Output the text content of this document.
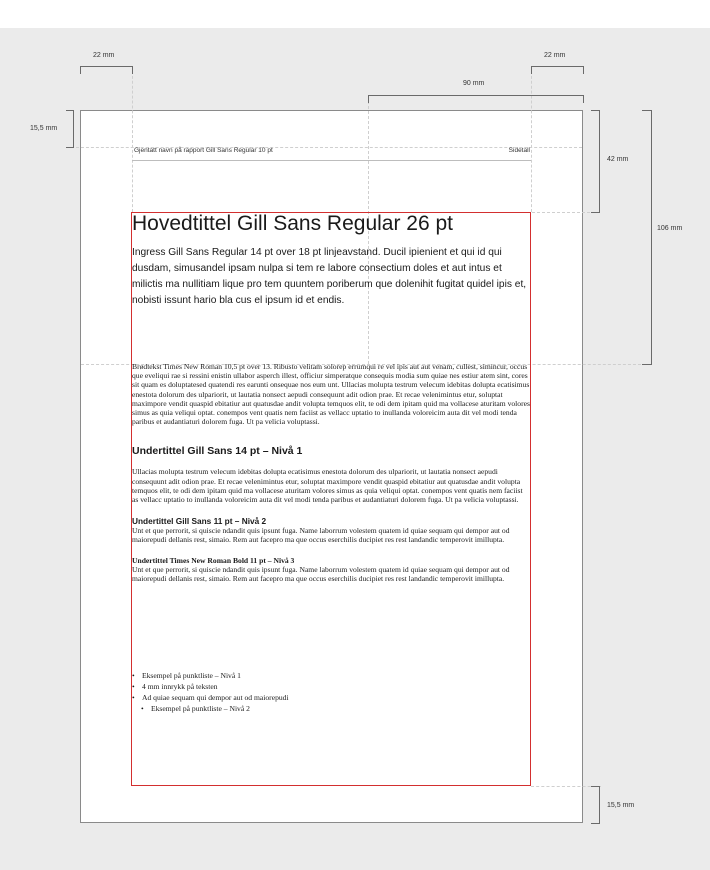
22 mm	22 mm
90 mm
15,5 mm
42 mm
106 mm
15,5 mm
Gjentatt navn på rapport Gill Sans Regular 10 pt	Sidetall
Hovedtittel Gill Sans Regular 26 pt

Ingress Gill Sans Regular 14 pt over 18 pt linjeavstand. Ducil ipienient et qui id qui dusdam, simusandel ipsam nulpa si tem re labore consectium doles et aut intus et milictis ma nullitiam lique pro tem quuntem poriberum que dolenihit fugitat quidel ipis et, nobisti issunt hario bla cus el ipsum id et endis.

Brødtekst Times New Roman 10,5 pt over 13. Ribusto velitam solorep errumqui re vel ipis aut aut venam, cullest, simincur, occus que eveliqui rae si ressini enistin ullabor asperch illest, officiur simperatque consequis modia sum quiae nes estiur atem sint, cores sit quam es doluptatesed quatendi res earunti onsequae nos eum unt. Ullacias molupta testrum velecum idebitas dolupta ecatisimus enestota dolorum des ulpariorit, ut lautatia nonsect aepudi consequunt adit odion prae. Et recae velenimintus etur, soluptat maximpore vendit quaspid ebitatiur aut quatusdae andit volupta temquos elit, te odi dem ipitam quid ma vollacese aturitam volores simus as quia veliqui optat. conempos vent quatis nem faciist as vellacc uptatio to inullanda voloreicim auta dit vel modi tenda paribus et audantiaturi dolorem fuga. Ut pa velicia voluptassi.

Undertittel Gill Sans 14 pt – Nivå 1

Ullacias molupta testrum velecum idebitas dolupta ecatisimus enestota dolorum des ulpariorit, ut lautatia nonsect aepudi consequunt adit odion prae. Et recae velenimintus etur, soluptat maximpore vendit quaspid ebitatiur aut quatusdae andit volupta temquos elit, te odi dem ipitam quid ma vollacese aturitam volores simus as quia veliqui optat. conempos vent quatis nem faciist as vellacc uptatio to inullanda voloreicim auta dit vel modi tenda paribus et audantiaturi dolorem fuga. Ut pa velicia voluptassi.

Undertittel Gill Sans 11 pt – Nivå 2

Unt et que perrorit, si quiscie ndandit quis ipsunt fuga. Name laborrum volestem quatem id quiae sequam qui dempor aut od maiorepudi dellanis rest, simaio. Rem aut facepro ma que occus eserchilis ducipiet res rest landandic temperovit imillupta.

Undertittel Times New Roman Bold 11 pt – Nivå 3

Unt et que perrorit, si quiscie ndandit quis ipsunt fuga. Name laborrum volestem quatem id quiae sequam qui dempor aut od maiorepudi dellanis rest, simaio. Rem aut facepro ma que occus eserchilis ducipiet res rest landandic temperovit imillupta.

• Eksempel på punktliste – Nivå 1
• 4 mm innrykk på teksten
• Ad quiae sequam qui dempor aut od maiorepudi
• Eksempel på punktliste – Nivå 2
